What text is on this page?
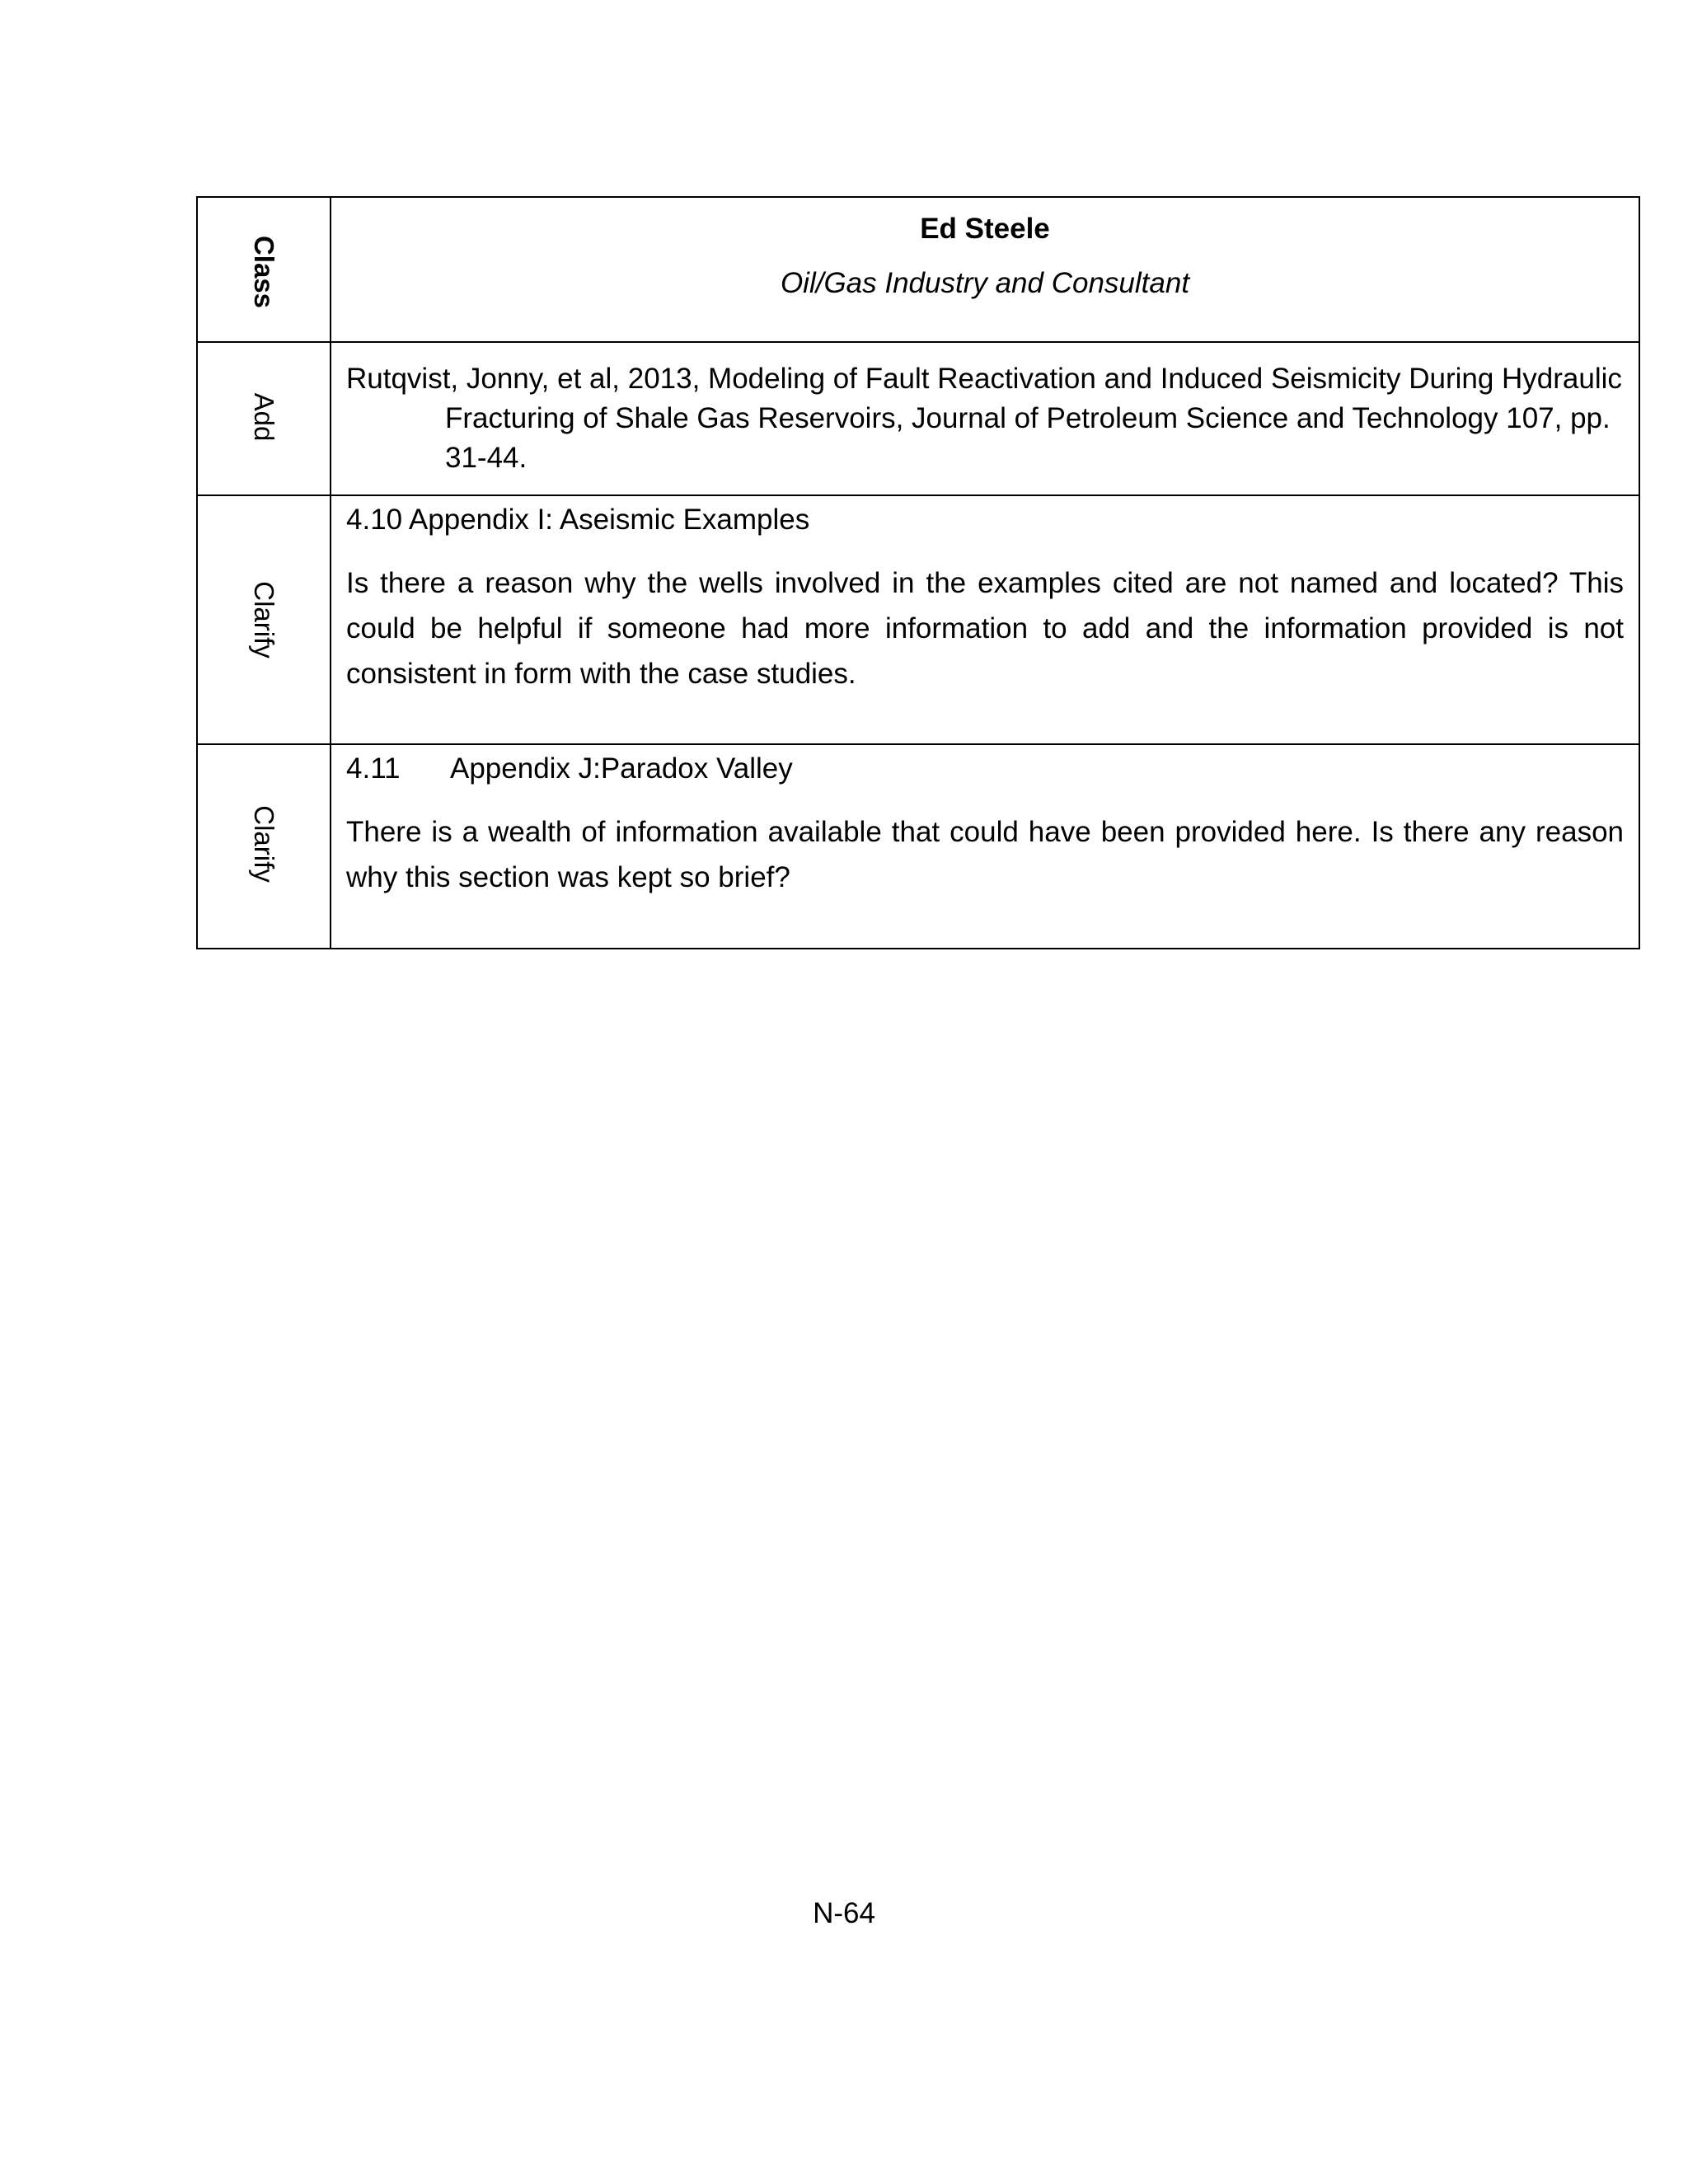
Class	Ed Steele
Oil/Gas Industry and Consultant

Add	Rutqvist, Jonny, et al, 2013, Modeling of Fault Reactivation and Induced Seismicity During Hydraulic Fracturing of Shale Gas Reservoirs, Journal of Petroleum Science and Technology 107, pp. 31-44.

Clarify	4.10 Appendix I: Aseismic Examples

Is there a reason why the wells involved in the examples cited are not named and located? This could be helpful if someone had more information to add and the information provided is not consistent in form with the case studies.

Clarify	4.11 Appendix J:Paradox Valley

There is a wealth of information available that could have been provided here. Is there any reason why this section was kept so brief?

N-64
